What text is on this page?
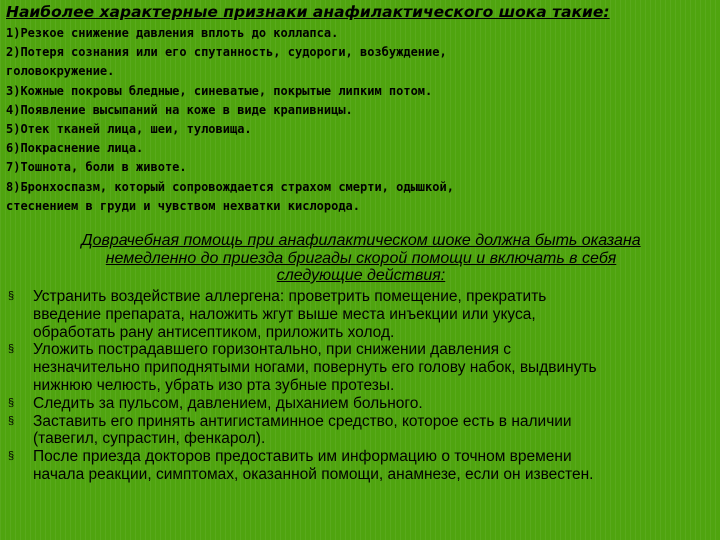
Наиболее характерные признаки анафилактического шока такие:
1)Резкое снижение давления вплоть до коллапса.
2)Потеря сознания или его спутанность, судороги, возбуждение,
головокружение.
3)Кожные покровы бледные, синеватые, покрытые липким потом.
4)Появление высыпаний на коже в виде крапивницы.
5)Отек тканей лица, шеи, туловища.
6)Покраснение лица.
7)Тошнота, боли в животе.
8)Бронхоспазм, который сопровождается страхом смерти, одышкой,
стеснением в груди и чувством нехватки кислорода.
Доврачебная помощь при анафилактическом шоке должна быть оказана
немедленно до приезда бригады скорой помощи и включать в себя
следующие действия:
§ Устранить воздействие аллергена: проветрить помещение, прекратить
введение препарата, наложить жгут выше места инъекции или укуса,
обработать рану антисептиком, приложить холод.
§ Уложить пострадавшего горизонтально, при снижении давления с
незначительно приподнятыми ногами, повернуть его голову набок, выдвинуть
нижнюю челюсть, убрать изо рта зубные протезы.
§ Следить за пульсом, давлением, дыханием больного.
§ Заставить его принять антигистаминное средство, которое есть в наличии
(тавегил, супрастин, фенкарол).
§ После приезда докторов предоставить им информацию о точном времени
начала реакции, симптомах, оказанной помощи, анамнезе, если он известен.
